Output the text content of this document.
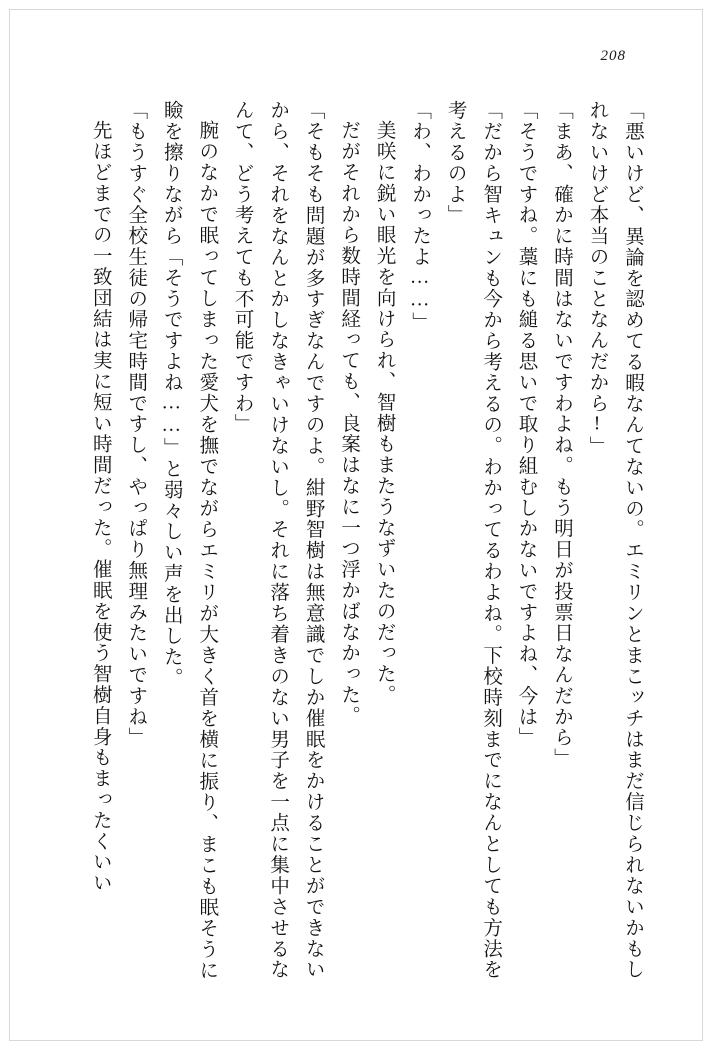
208

「悪いけど、異論を認めてる暇なんてないの。エミリンとまこッチはまだ信じられないかもしれないけど本当のことなんだから!」

「まあ、確かに時間はないですわよね。もう明日が投票日なんだから」

「そうですね。藁にも縋る思いで取り組むしかないですよね、今は」

「だから智キュンも今から考えるの。わかってるわよね。下校時刻までになんとしても方法を考えるのよ」

「わ、わかったよ……」

美咲に鋭い眼光を向けられ、智樹もまたうなずいたのだった。

だがそれから数時間経っても、良案はなに一つ浮かばなかった。

「そもそも問題が多すぎなんですのよ。紺野智樹は無意識でしか催眠をかけることができないから、それをなんとかしなきゃいけないし。それに落ち着きのない男子を一点に集中させるなんて、どう考えても不可能ですわ」

腕のなかで眠ってしまった愛犬を撫でながらエミリが大きく首を横に振り、まこも眠そうに瞼を擦りながら「そうですよね……」と弱々しい声を出した。

「もうすぐ全校生徒の帰宅時間ですし、やっぱり無理みたいですね」

先ほどまでの一致団結は実に短い時間だった。催眠を使う智樹自身もまったくいい
